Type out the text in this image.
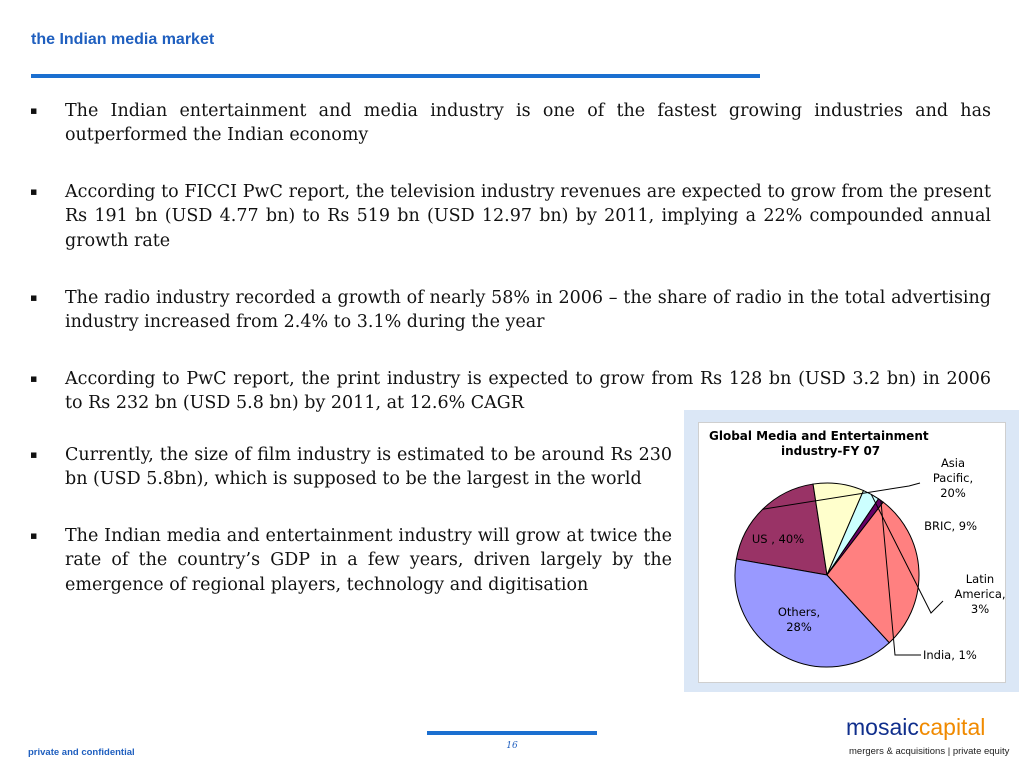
the Indian media market
▪ The Indian entertainment and media industry is one of the fastest growing industries and has outperformed the Indian economy
▪ According to FICCI PwC report, the television industry revenues are expected to grow from the present Rs 191 bn (USD 4.77 bn) to Rs 519 bn (USD 12.97 bn) by 2011, implying a 22% compounded annual growth rate
▪ The radio industry recorded a growth of nearly 58% in 2006 – the share of radio in the total advertising industry increased from 2.4% to 3.1% during the year
▪ According to PwC report, the print industry is expected to grow from Rs 128 bn (USD 3.2 bn) in 2006 to Rs 232 bn (USD 5.8 bn) by 2011, at 12.6% CAGR
▪ Currently, the size of film industry is estimated to be around Rs 230 bn (USD 5.8bn), which is supposed to be the largest in the world
▪ The Indian media and entertainment industry will grow at twice the rate of the country’s GDP in a few years, driven largely by the emergence of regional players, technology and digitisation
Global Media and Entertainment
industry-FY 07
Asia
Pacific,
20%
BRIC, 9%
Latin
America,
3%
India, 1%
Others,
28%
US , 40%
16
private and confidential
mosaiccapital
mergers & acquisitions | private equity
